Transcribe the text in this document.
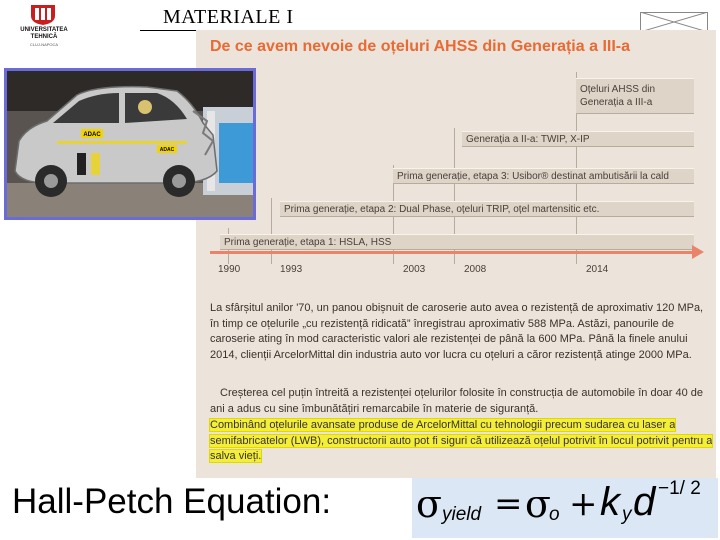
UNIVERSITATEA
TEHNICĂ
CLUJ-NAPOCA
MATERIALE I
De ce avem nevoie de oțeluri AHSS din Generația a III-a
Prima generație, etapa 1: HSLA, HSS
Prima generație, etapa 2: Dual Phase, oțeluri TRIP, oțel martensitic etc.
Prima generație, etapa 3: Usibor® destinat ambutisării la cald
Generația a II-a: TWIP, X-IP
Oțeluri AHSS din Generația a III-a
1990	1993	2003	2008	2014

La sfârșitul anilor '70, un panou obișnuit de caroserie auto avea o rezistență de aproximativ 120 MPa, în timp ce oțelurile „cu rezistență ridicată” înregistrau aproximativ 588 MPa. Astăzi, panourile de caroserie ating în mod caracteristic valori ale rezistenței de până la 600 MPa. Până la finele anului 2014, clienții ArcelorMittal din industria auto vor lucra cu oțeluri a căror rezistență atinge 2000 MPa.

Creșterea cel puțin întreită a rezistenței oțelurilor folosite în construcția de automobile în doar 40 de ani a adus cu sine îmbunătățiri remarcabile în materie de siguranță.

Combinând oțelurile avansate produse de ArcelorMittal cu tehnologii precum sudarea cu laser a semifabricatelor (LWB), constructorii auto pot fi siguri că utilizează oțelul potrivit în locul potrivit pentru a salva vieți.

ADAC
ADAC
Hall-Petch Equation: σ yield = σ
o + k y d −1/ 2
